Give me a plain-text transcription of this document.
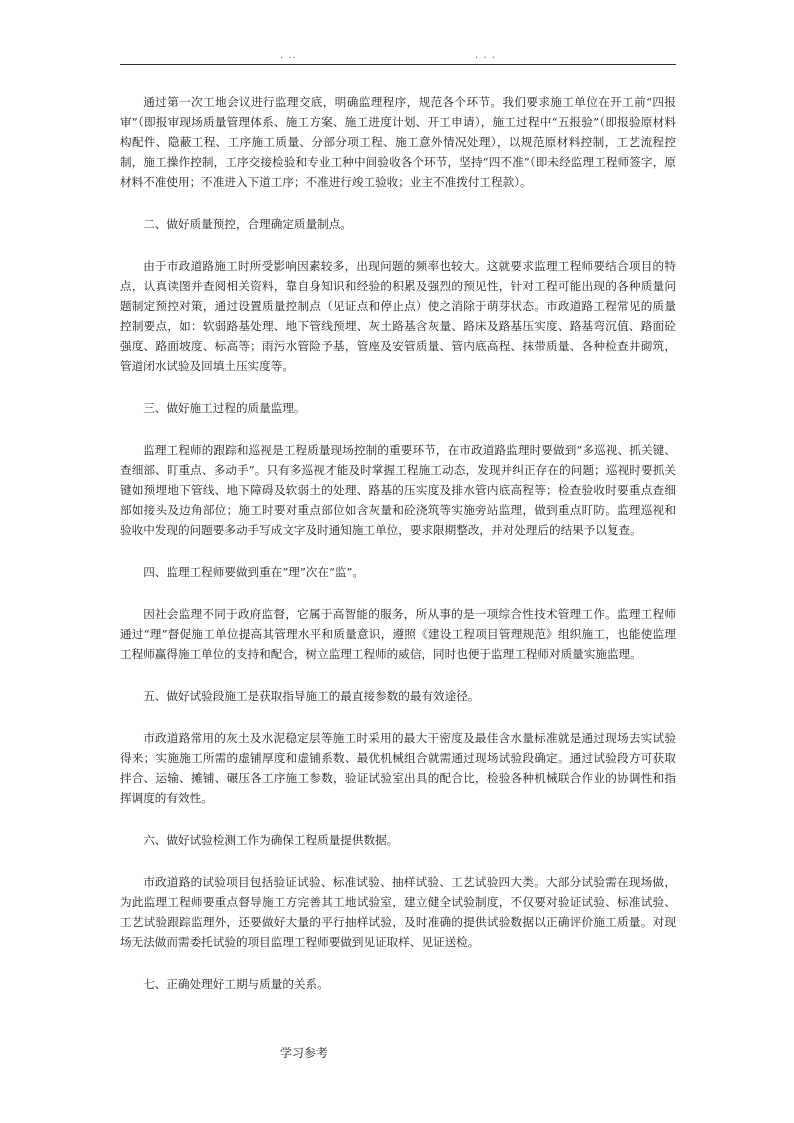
. ..	. . .

通过第一次工地会议进行监理交底，明确监理程序，规范各个环节。我们要求施工单位在开工前“四报审”（即报审现场质量管理体系、施工方案、施工进度计划、开工申请），施工过程中“五报验”（即报验原材料构配件、隐蔽工程、工序施工质量、分部分项工程、施工意外情况处理），以规范原材料控制，工艺流程控制，施工操作控制，工序交接检验和专业工种中间验收各个环节，坚持“四不准”（即未经监理工程师签字，原材料不准使用；不准进入下道工序；不准进行竣工验收；业主不准拨付工程款）。

二、做好质量预控，合理确定质量制点。

由于市政道路施工时所受影响因素较多，出现问题的频率也较大。这就要求监理工程师要结合项目的特点，认真读图并查阅相关资料，靠自身知识和经验的积累及强烈的预见性，针对工程可能出现的各种质量问题制定预控对策，通过设置质量控制点（见证点和停止点）使之消除于萌芽状态。市政道路工程常见的质量控制要点，如：软弱路基处理、地下管线预埋、灰土路基含灰量、路床及路基压实度、路基弯沉值、路面砼强度、路面坡度、标高等；雨污水管险予基，管座及安管质量、管内底高程、抹带质量、各种检查井砌筑，管道闭水试验及回填土压实度等。

三、做好施工过程的质量监理。

监理工程师的跟踪和巡视是工程质量现场控制的重要环节，在市政道路监理时要做到“多巡视、抓关键、查细部、盯重点、多动手”。只有多巡视才能及时掌握工程施工动态，发现并纠正存在的问题；巡视时要抓关键如预埋地下管线、地下障碍及软弱土的处理、路基的压实度及排水管内底高程等；检查验收时要重点查细部如接头及边角部位；施工时要对重点部位如含灰量和砼浇筑等实施旁站监理，做到重点盯防。监理巡视和验收中发现的问题要多动手写成文字及时通知施工单位，要求限期整改，并对处理后的结果予以复查。

四、监理工程师要做到重在“理”次在“监”。

因社会监理不同于政府监督，它属于高智能的服务，所从事的是一项综合性技术管理工作。监理工程师通过“理”督促施工单位提高其管理水平和质量意识，遵照《建设工程项目管理规范》组织施工，也能使监理工程师赢得施工单位的支持和配合，树立监理工程师的威信，同时也便于监理工程师对质量实施监理。

五、做好试验段施工是获取指导施工的最直接参数的最有效途径。

市政道路常用的灰土及水泥稳定层等施工时采用的最大干密度及最佳含水量标准就是通过现场去实试验得来；实施施工所需的虚铺厚度和虚铺系数、最优机械组合就需通过现场试验段确定。通过试验段方可获取拌合、运输、摊铺、碾压各工序施工参数，验证试验室出具的配合比，检验各种机械联合作业的协调性和指挥调度的有效性。

六、做好试验检测工作为确保工程质量提供数据。

市政道路的试验项目包括验证试验、标准试验、抽样试验、工艺试验四大类。大部分试验需在现场做，为此监理工程师要重点督导施工方完善其工地试验室，建立健全试验制度，不仅要对验证试验、标准试验、工艺试验跟踪监理外，还要做好大量的平行抽样试验，及时准确的提供试验数据以正确评价施工质量。对现场无法做而需委托试验的项目监理工程师要做到见证取样、见证送检。

七、正确处理好工期与质量的关系。
学习参考
